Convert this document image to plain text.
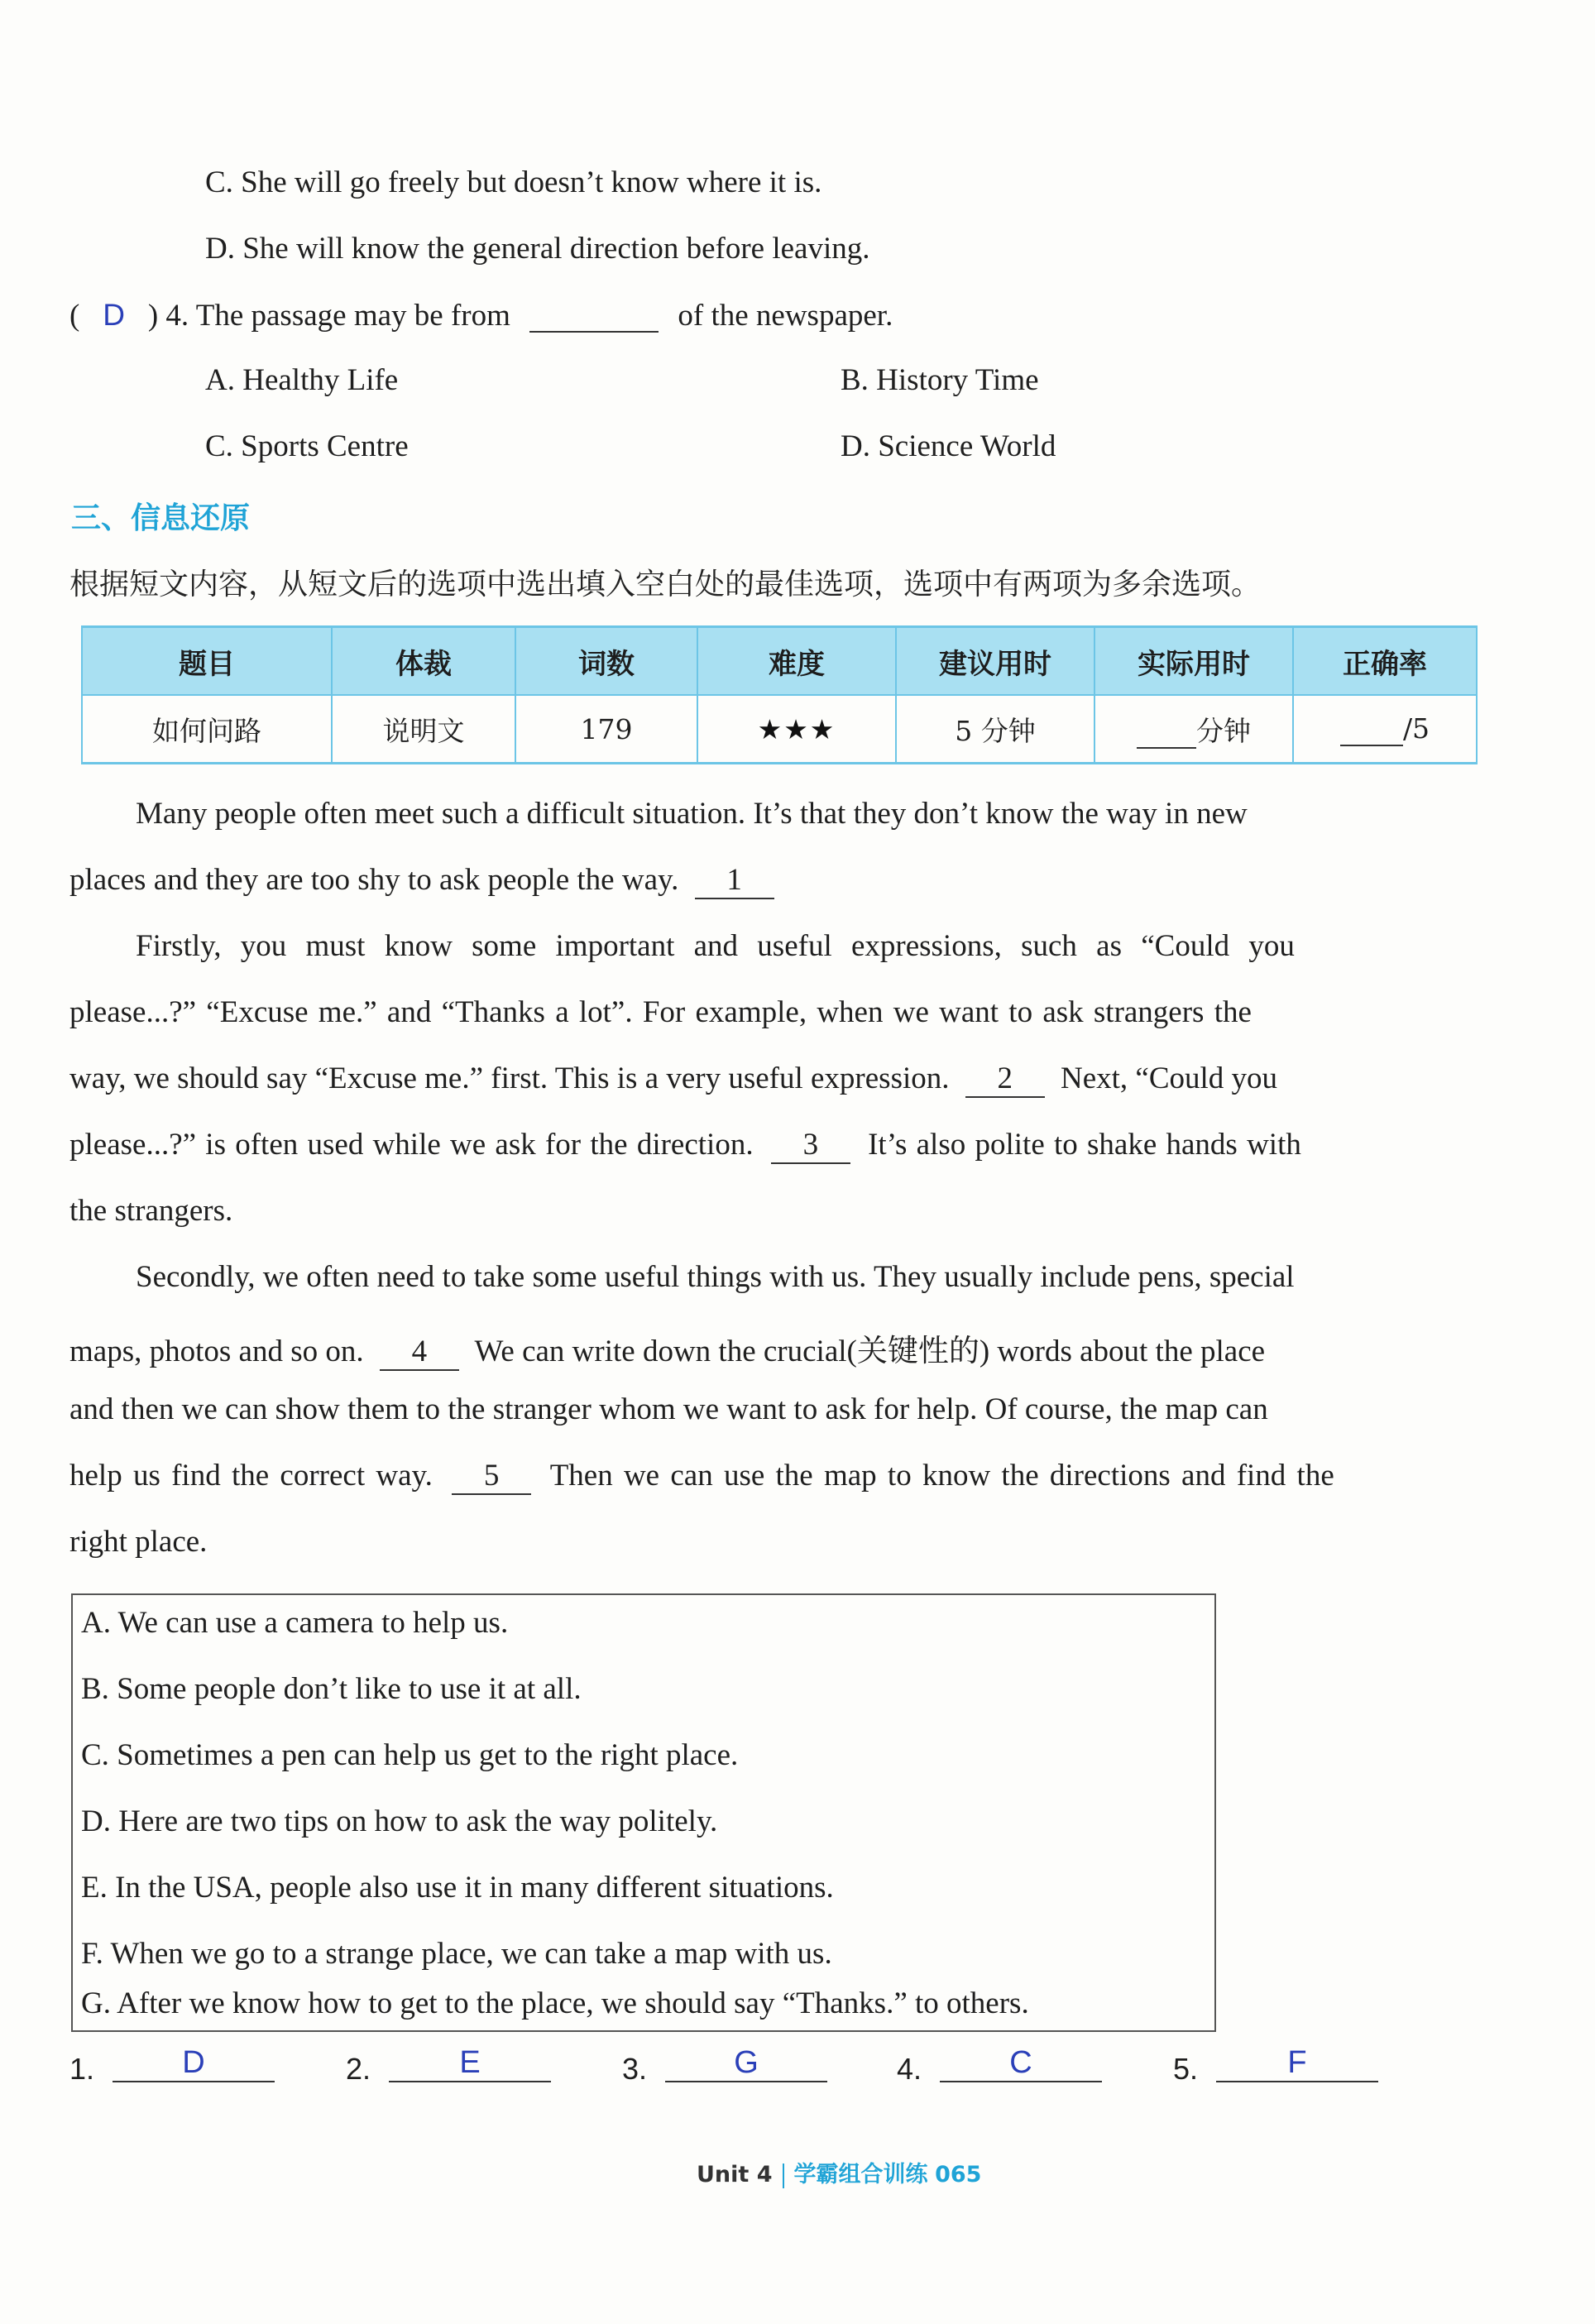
C. She will go freely but doesn’t know where it is.
D. She will know the general direction before leaving.
( D ) 4. The passage may be from	of the newspaper.
A. Healthy Life	B. History Time
C. Sports Centre	D. Science World
三、信息还原
根据短文内容，从短文后的选项中选出填入空白处的最佳选项，选项中有两项为多余选项。
题目	体裁	词数	难度	建议用时	实际用时	正确率
如何问路	说明文	179	★★★	5 分钟	分钟	/5
Many people often meet such a difficult situation. It’s that they don’t know the way in new
places and they are too shy to ask people the way. 1
Firstly, you must know some important and useful expressions, such as “Could you
please...?” “Excuse me.” and “Thanks a lot”. For example, when we want to ask strangers the
way, we should say “Excuse me.” first. This is a very useful expression. 2 Next, “Could you
please...?” is often used while we ask for the direction. 3 It’s also polite to shake hands with
the strangers.
Secondly, we often need to take some useful things with us. They usually include pens, special
maps, photos and so on. 4 We can write down the crucial(关键性的) words about the place
and then we can show them to the stranger whom we want to ask for help. Of course, the map can
help us find the correct way. 5 Then we can use the map to know the directions and find the
right place.
A. We can use a camera to help us.
B. Some people don’t like to use it at all.
C. Sometimes a pen can help us get to the right place.
D. Here are two tips on how to ask the way politely.
E. In the USA, people also use it in many different situations.
F. When we go to a strange place, we can take a map with us.
G. After we know how to get to the place, we should say “Thanks.” to others.
1.	D	2.	E	3.	G	4.	C	5.	F
Unit 4 学霸组合训练 065
